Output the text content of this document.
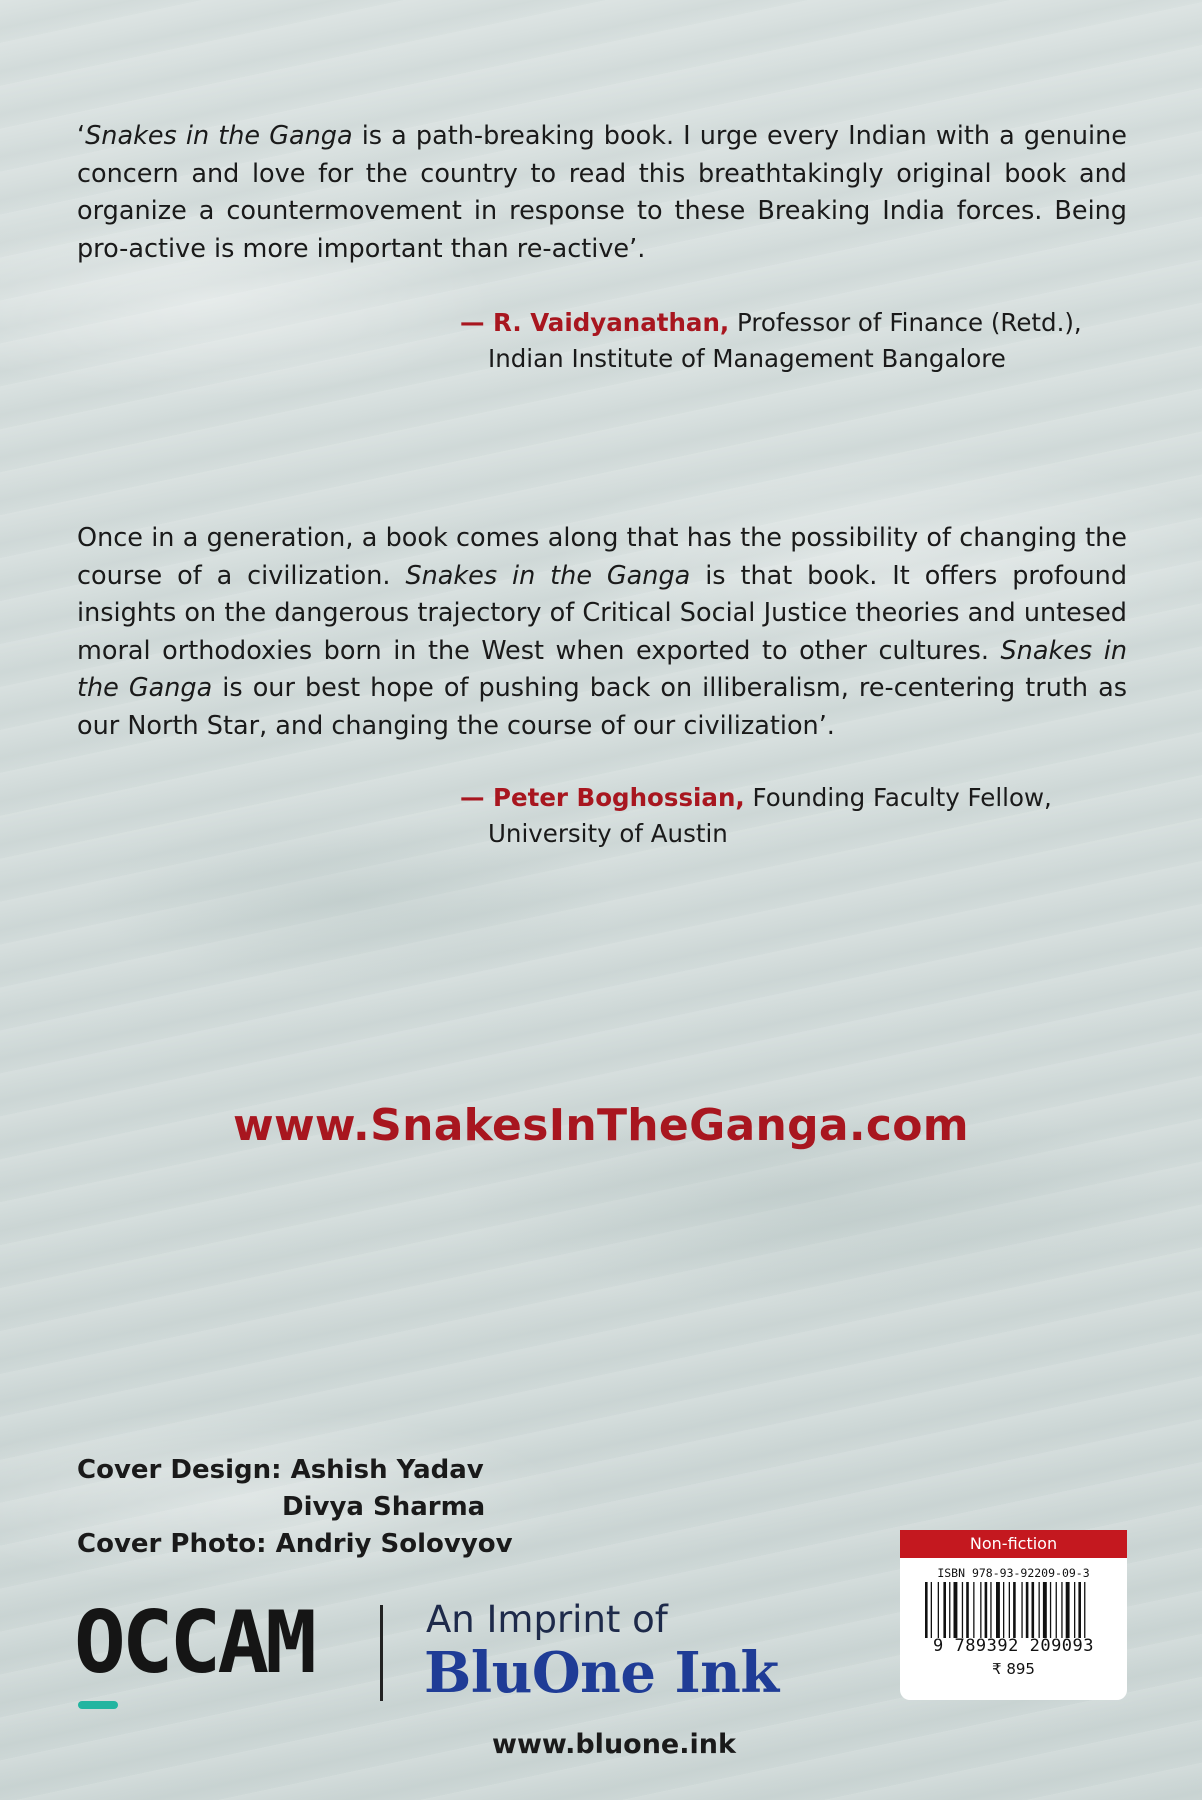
‘Snakes in the Ganga is a path-breaking book. I urge every Indian with a genuine concern and love for the country to read this breathtakingly original book and organize a countermovement in response to these Breaking India forces. Being pro-active is more important than re-active’.

— R. Vaidyanathan, Professor of Finance (Retd.),
Indian Institute of Management Bangalore

Once in a generation, a book comes along that has the possibility of changing the course of a civilization. Snakes in the Ganga is that book. It offers profound insights on the dangerous trajectory of Critical Social Justice theories and untesed moral orthodoxies born in the West when exported to other cultures. Snakes in the Ganga is our best hope of pushing back on illiberalism, re-centering truth as our North Star, and changing the course of our civilization’.

— Peter Boghossian, Founding Faculty Fellow,
University of Austin
www.SnakesInTheGanga.com
Cover Design: Ashish Yadav
Divya Sharma
Cover Photo: Andriy Solovyov
OCCAM	An Imprint of
BluOne Ink
www.bluone.ink
Non-fiction
ISBN 978-93-92209-09-3
9 789392 209093
₹ 895
